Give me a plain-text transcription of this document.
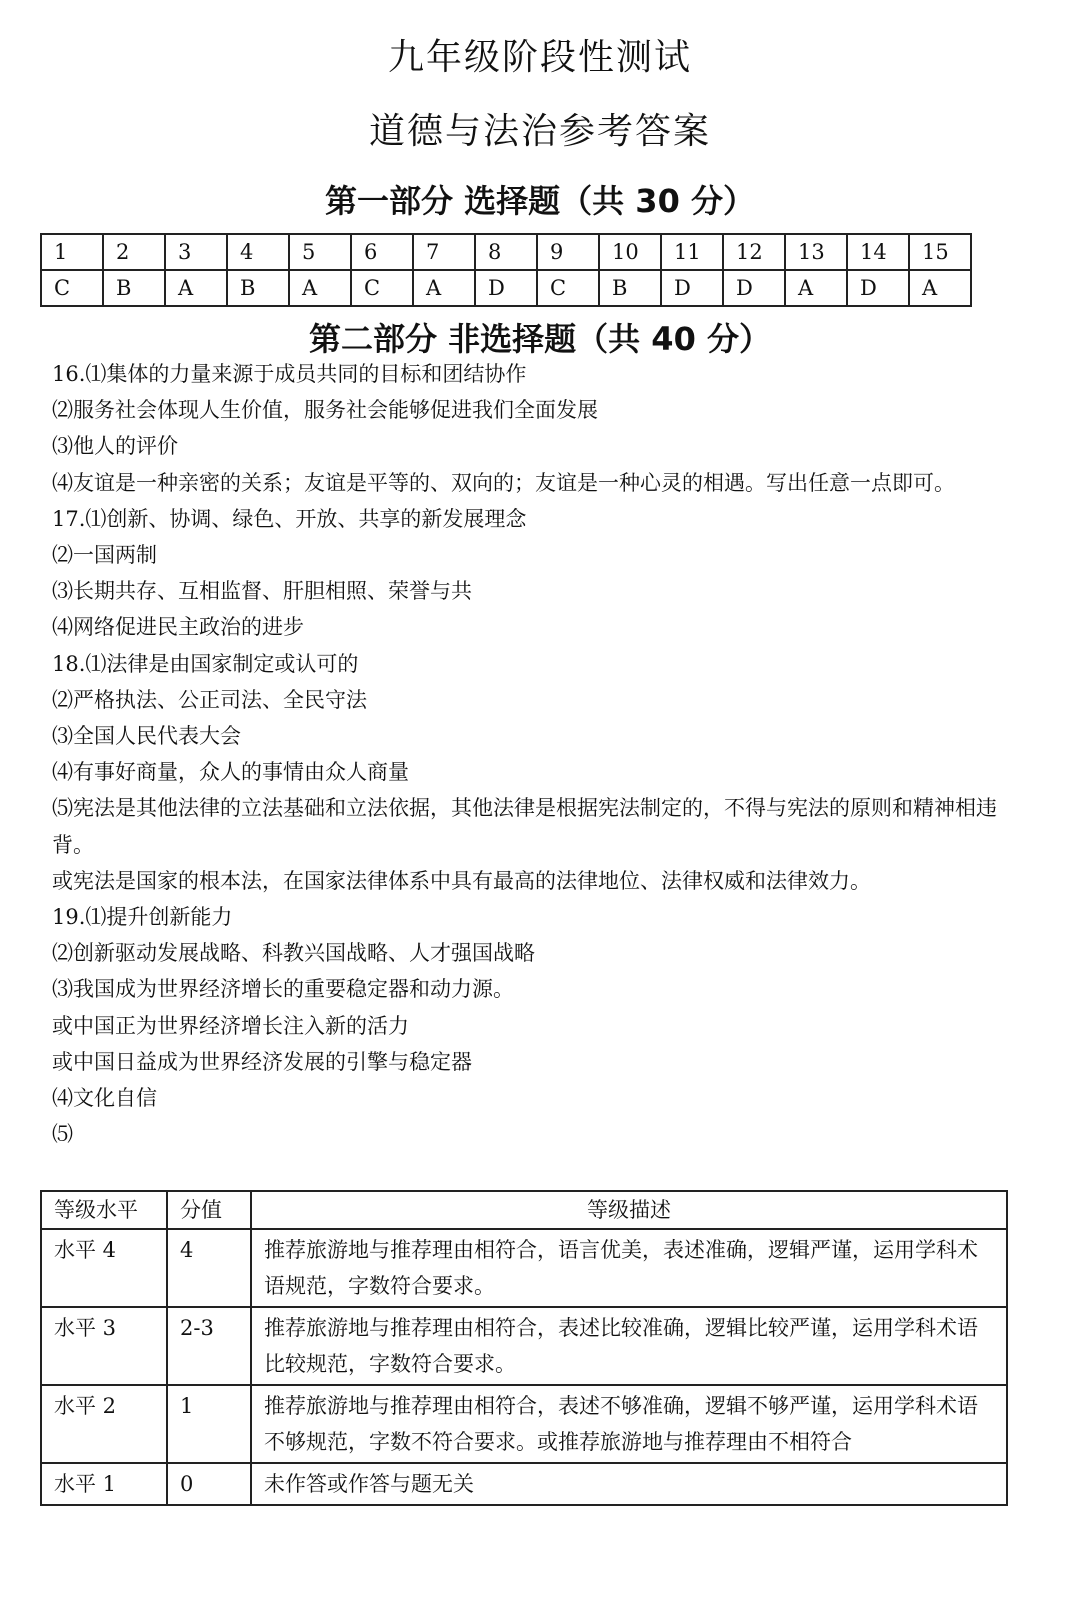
九年级阶段性测试
道德与法治参考答案
第一部分 选择题（共 30 分）
1	2	3	4	5	6	7	8	9	10	11	12	13	14	15
C	B	A	B	A	C	A	D	C	B	D	D	A	D	A
第二部分 非选择题（共 40 分）
16.⑴集体的力量来源于成员共同的目标和团结协作
⑵服务社会体现人生价值，服务社会能够促进我们全面发展
⑶他人的评价
⑷友谊是一种亲密的关系；友谊是平等的、双向的；友谊是一种心灵的相遇。写出任意一点即可。
17.⑴创新、协调、绿色、开放、共享的新发展理念
⑵一国两制
⑶长期共存、互相监督、肝胆相照、荣誉与共
⑷网络促进民主政治的进步
18.⑴法律是由国家制定或认可的
⑵严格执法、公正司法、全民守法
⑶全国人民代表大会
⑷有事好商量，众人的事情由众人商量
⑸宪法是其他法律的立法基础和立法依据，其他法律是根据宪法制定的，不得与宪法的原则和精神相违背。
或宪法是国家的根本法，在国家法律体系中具有最高的法律地位、法律权威和法律效力。
19.⑴提升创新能力
⑵创新驱动发展战略、科教兴国战略、人才强国战略
⑶我国成为世界经济增长的重要稳定器和动力源。
或中国正为世界经济增长注入新的活力
或中国日益成为世界经济发展的引擎与稳定器
⑷文化自信
⑸
等级水平	分值	等级描述
水平 4	4	推荐旅游地与推荐理由相符合，语言优美，表述准确，逻辑严谨，运用学科术语规范，字数符合要求。
水平 3	2-3	推荐旅游地与推荐理由相符合，表述比较准确，逻辑比较严谨，运用学科术语比较规范，字数符合要求。
水平 2	1	推荐旅游地与推荐理由相符合，表述不够准确，逻辑不够严谨，运用学科术语不够规范，字数不符合要求。或推荐旅游地与推荐理由不相符合
水平 1	0	未作答或作答与题无关
